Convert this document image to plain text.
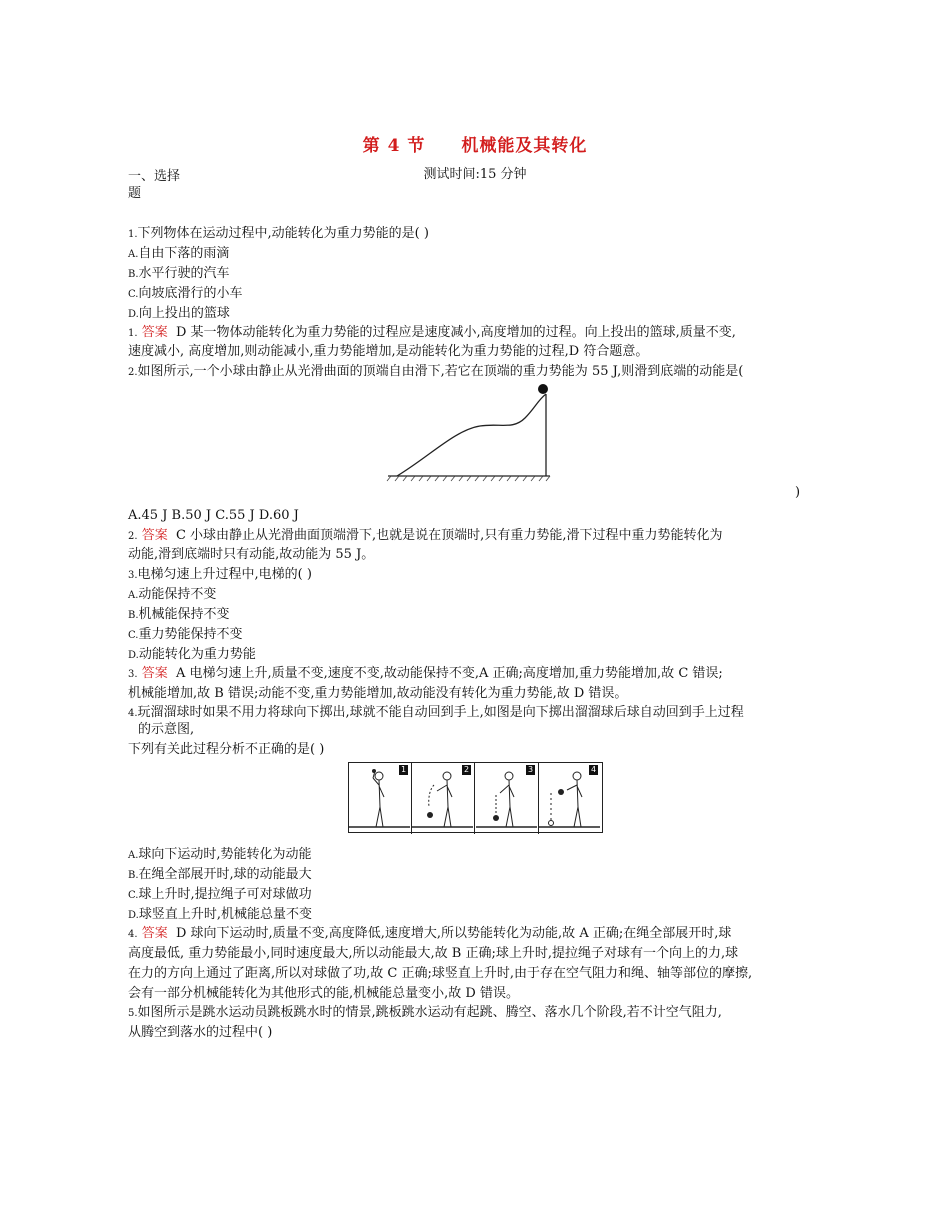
第 4 节　　机械能及其转化
测试时间:15 分钟
一、选择
题
1.下列物体在运动过程中,动能转化为重力势能的是( )
A.自由下落的雨滴
B.水平行驶的汽车
C.向坡底滑行的小车
D.向上投出的篮球
1. 答案 D 某一物体动能转化为重力势能的过程应是速度减小,高度增加的过程。向上投出的篮球,质量不变,
速度减小, 高度增加,则动能减小,重力势能增加,是动能转化为重力势能的过程,D 符合题意。
2.如图所示,一个小球由静止从光滑曲面的顶端自由滑下,若它在顶端的重力势能为 55 J,则滑到底端的动能是(
)
A.45 J B.50 J C.55 J D.60 J
2. 答案 C 小球由静止从光滑曲面顶端滑下,也就是说在顶端时,只有重力势能,滑下过程中重力势能转化为
动能,滑到底端时只有动能,故动能为 55 J。
3.电梯匀速上升过程中,电梯的( )
A.动能保持不变
B.机械能保持不变
C.重力势能保持不变
D.动能转化为重力势能
3. 答案 A 电梯匀速上升,质量不变,速度不变,故动能保持不变,A 正确;高度增加,重力势能增加,故 C 错误;
机械能增加,故 B 错误;动能不变,重力势能增加,故动能没有转化为重力势能,故 D 错误。
4.玩溜溜球时如果不用力将球向下掷出,球就不能自动回到手上,如图是向下掷出溜溜球后球自动回到手上过程
的示意图,
下列有关此过程分析不正确的是( )
1	2	3	4
A.球向下运动时,势能转化为动能
B.在绳全部展开时,球的动能最大
C.球上升时,提拉绳子可对球做功
D.球竖直上升时,机械能总量不变
4. 答案 D 球向下运动时,质量不变,高度降低,速度增大,所以势能转化为动能,故 A 正确;在绳全部展开时,球
高度最低, 重力势能最小,同时速度最大,所以动能最大,故 B 正确;球上升时,提拉绳子对球有一个向上的力,球
在力的方向上通过了距离,所以对球做了功,故 C 正确;球竖直上升时,由于存在空气阻力和绳、轴等部位的摩擦,
会有一部分机械能转化为其他形式的能,机械能总量变小,故 D 错误。
5.如图所示是跳水运动员跳板跳水时的情景,跳板跳水运动有起跳、腾空、落水几个阶段,若不计空气阻力,
从腾空到落水的过程中( )
